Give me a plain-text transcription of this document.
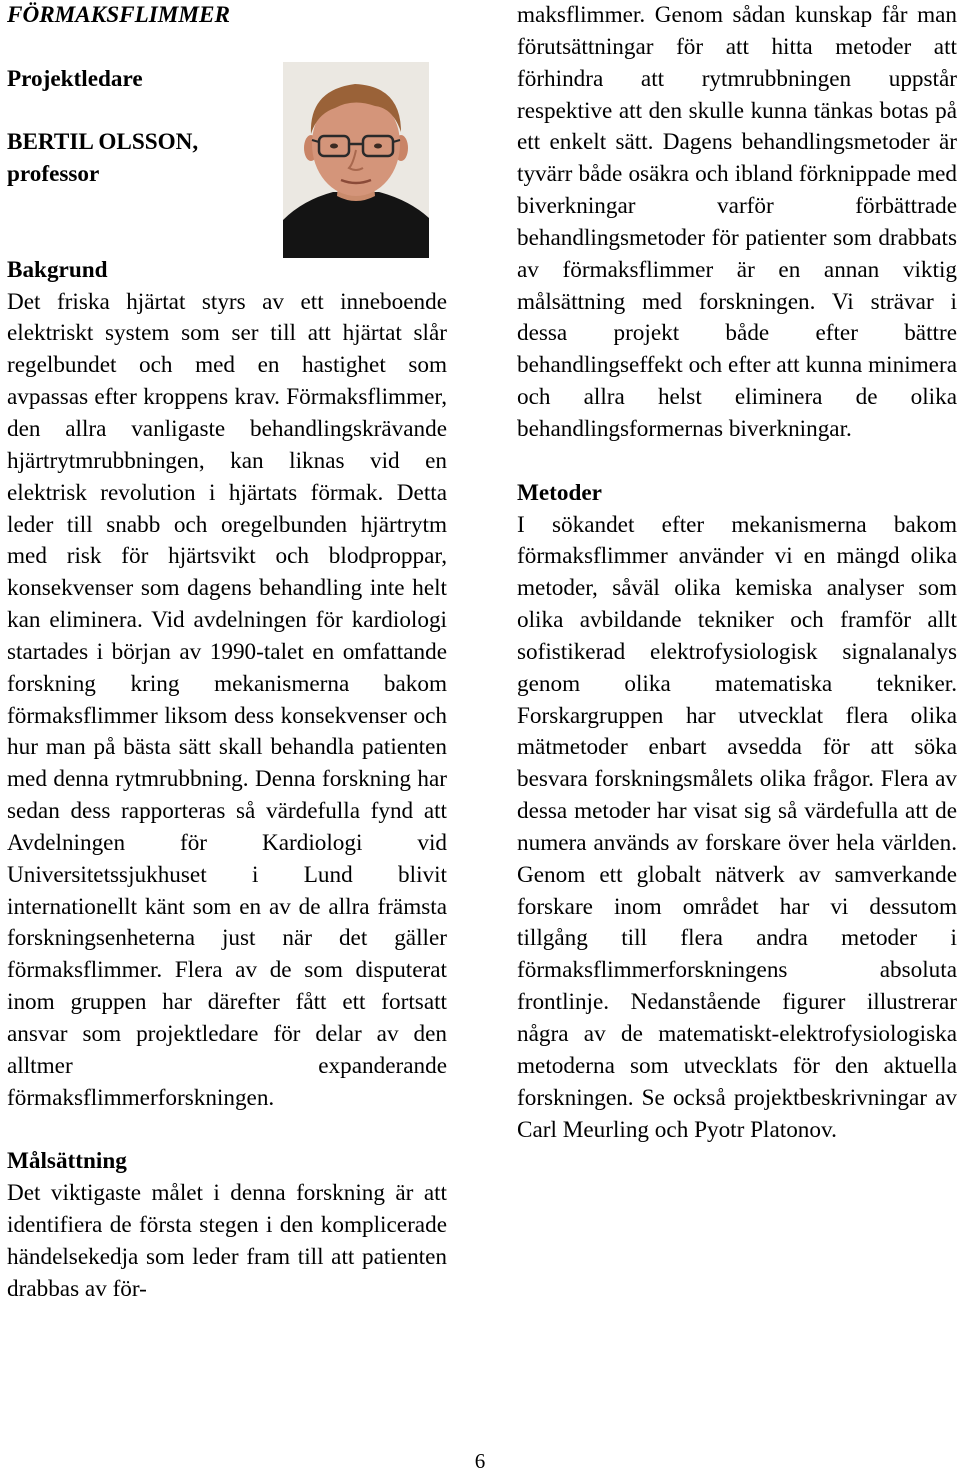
FÖRMAKSFLIMMER

Projektledare

BERTIL OLSSON,

professor

Bakgrund

Det friska hjärtat styrs av ett inneboende elektriskt system som ser till att hjärtat slår regelbundet och med en hastighet som avpassas efter kroppens krav. Förmaksflimmer, den allra vanligaste behandlingskrävande hjärtrytmrubbningen, kan liknas vid en elektrisk revolution i hjärtats förmak. Detta leder till snabb och oregelbunden hjärtrytm med risk för hjärtsvikt och blodproppar, konsekvenser som dagens behandling inte helt kan eliminera. Vid avdelningen för kardiologi startades i början av 1990-talet en omfattande forskning kring mekanismerna bakom förmaksflimmer liksom dess konsekvenser och hur man på bästa sätt skall behandla patienten med denna rytmrubbning. Denna forskning har sedan dess rapporteras så värdefulla fynd att Avdelningen för Kardiologi vid Universitetssjukhuset i Lund blivit internationellt känt som en av de allra främsta forskningsenheterna just när det gäller förmaksflimmer. Flera av de som disputerat inom gruppen har därefter fått ett fortsatt ansvar som projektledare för delar av den alltmer expanderande förmaksflimmerforskningen.

Målsättning

Det viktigaste målet i denna forskning är att identifiera de första stegen i den komplicerade händelsekedja som leder fram till att patienten drabbas av för-

maksflimmer. Genom sådan kunskap får man förutsättningar för att hitta metoder att förhindra att rytmrubbningen uppstår respektive att den skulle kunna tänkas botas på ett enkelt sätt. Dagens behandlingsmetoder är tyvärr både osäkra och ibland förknippade med biverkningar varför förbättrade behandlingsmetoder för patienter som drabbats av förmaksflimmer är en annan viktig målsättning med forskningen. Vi strävar i dessa projekt både efter bättre behandlingseffekt och efter att kunna minimera och allra helst eliminera de olika behandlingsformernas biverkningar.

Metoder

I sökandet efter mekanismerna bakom förmaksflimmer använder vi en mängd olika metoder, såväl olika kemiska analyser som olika avbildande tekniker och framför allt sofistikerad elektrofysiologisk signalanalys genom olika matematiska tekniker. Forskargruppen har utvecklat flera olika mätmetoder enbart avsedda för att söka besvara forskningsmålets olika frågor. Flera av dessa metoder har visat sig så värdefulla att de numera används av forskare över hela världen. Genom ett globalt nätverk av samverkande forskare inom området har vi dessutom tillgång till flera andra metoder i förmaksflimmerforskningens absoluta frontlinje. Nedanstående figurer illustrerar några av de matematiskt-elektrofysiologiska metoderna som utvecklats för den aktuella forskningen. Se också projektbeskrivningar av Carl Meurling och Pyotr Platonov.

6
